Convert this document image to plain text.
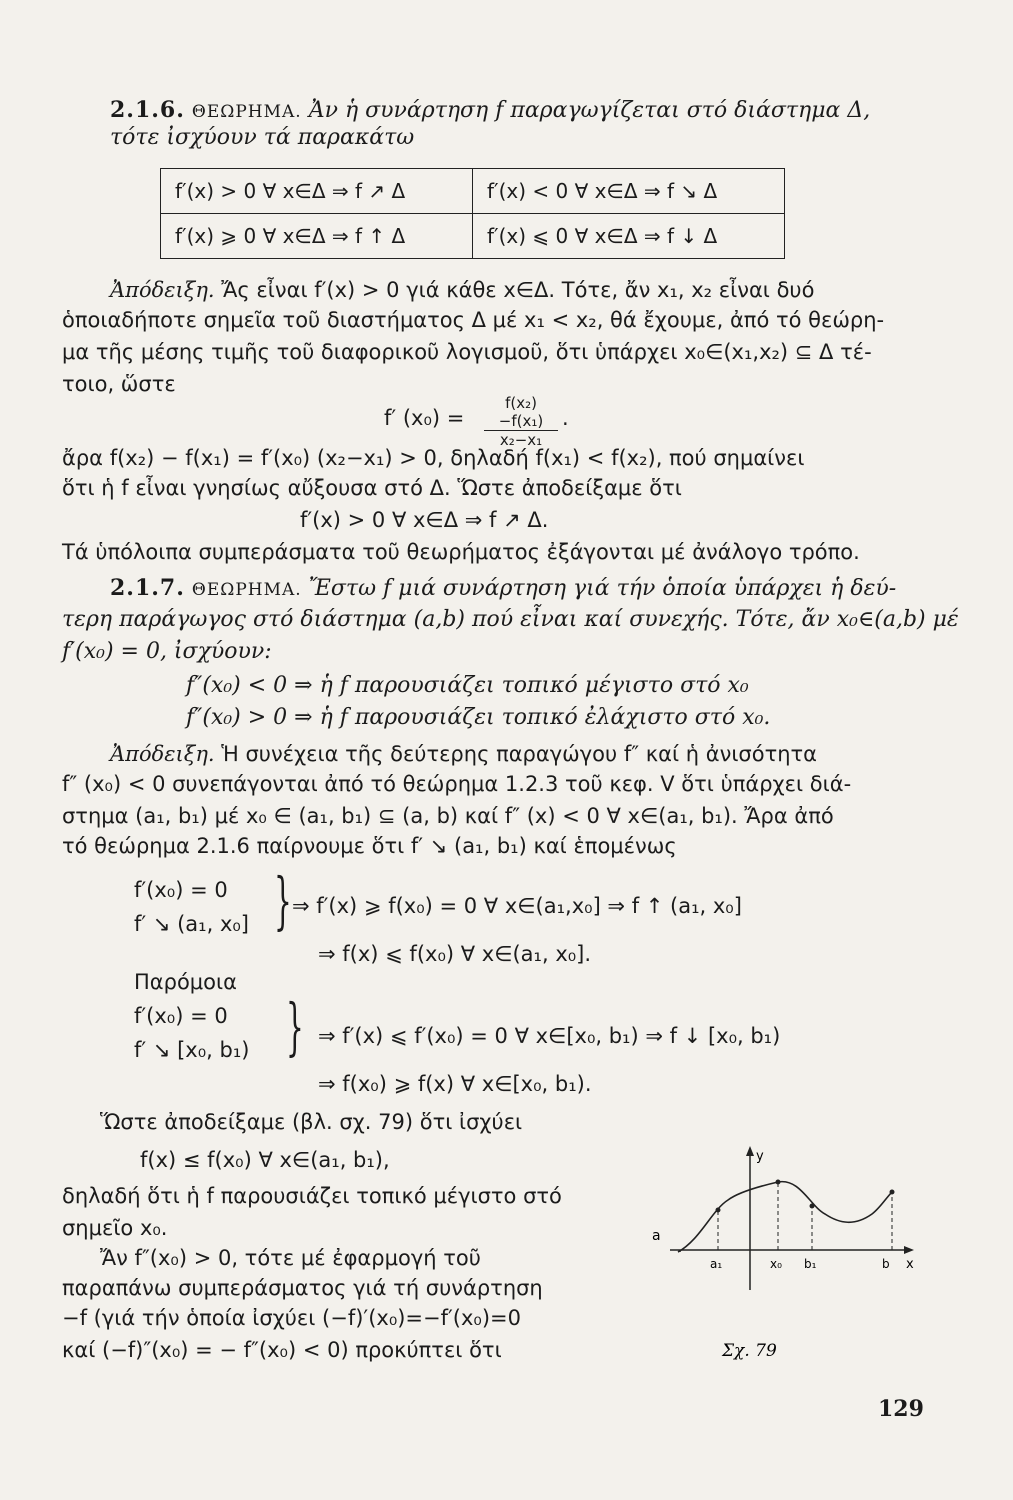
2.1.6. ΘΕΩΡΗΜΑ. Ἀν ἡ συνάρτηση f παραγωγίζεται στό διάστημα Δ,
τότε ἰσχύουν τά παρακάτω
f′(x) > 0 ∀ x∈Δ ⇒ f ↗ Δ	f′(x) < 0 ∀ x∈Δ ⇒ f ↘ Δ
f′(x) ⩾ 0 ∀ x∈Δ ⇒ f ↑ Δ	f′(x) ⩽ 0 ∀ x∈Δ ⇒ f ↓ Δ
Ἀπόδειξη. Ἄς εἶναι f′(x) > 0 γιά κάθε x∈Δ. Τότε, ἄν x₁, x₂ εἶναι δυό
ὁποιαδήποτε σημεῖα τοῦ διαστήματος Δ μέ x₁ < x₂, θά ἔχουμε, ἀπό τό θεώρη-
μα τῆς μέσης τιμῆς τοῦ διαφορικοῦ λογισμοῦ, ὅτι ὑπάρχει x₀∈(x₁,x₂) ⊆ Δ τέ-
τοιο, ὥστε
f′ $(x_0) = \frac{\text{f(x₂)−f(x₁)}}{\text{x₂−x₁}}$ .
ἄρα f(x₂) − f(x₁) = f′(x₀) (x₂−x₁) > 0, δηλαδή f(x₁) < f(x₂), πού σημαίνει
ὅτι ἡ f εἶναι γνησίως αὔξουσα στό Δ. Ὥστε ἀποδείξαμε ὅτι
f′(x) > 0 ∀ x∈Δ ⇒ f ↗ Δ.
Τά ὑπόλοιπα συμπεράσματα τοῦ θεωρήματος ἐξάγονται μέ ἀνάλογο τρόπο.
2.1.7. ΘΕΩΡΗΜΑ. Ἔστω f μιά συνάρτηση γιά τήν ὁποία ὑπάρχει ἡ δεύ-
τερη παράγωγος στό διάστημα (a,b) πού εἶναι καί συνεχής. Τότε, ἄν x₀∈(a,b) μέ
f′(x₀) = 0, ἰσχύουν:
f″(x₀) < 0 ⇒ ἡ f παρουσιάζει τοπικό μέγιστο στό x₀
f″(x₀) > 0 ⇒ ἡ f παρουσιάζει τοπικό ἐλάχιστο στό x₀.
Ἀπόδειξη. Ἡ συνέχεια τῆς δεύτερης παραγώγου f″ καί ἡ ἀνισότητα
f″ (x₀) < 0 συνεπάγονται ἀπό τό θεώρημα 1.2.3 τοῦ κεφ. V ὅτι ὑπάρχει διά-
στημα (a₁, b₁) μέ x₀ ∈ (a₁, b₁) ⊆ (a, b) καί f″ (x) < 0 ∀ x∈(a₁, b₁). Ἄρα ἀπό
τό θεώρημα 2.1.6 παίρνουμε ὅτι f′ ↘ (a₁, b₁) καί ἑπομένως
f′(x₀) = 0
f′ ↘ (a₁, x₀] } ⇒ f′(x) ⩾ f(x₀) = 0 ∀ x∈(a₁,x₀] ⇒ f ↑ (a₁, x₀]
⇒ f(x) ⩽ f(x₀) ∀ x∈(a₁, x₀].
Παρόμοια
f′(x₀) = 0
f′ ↘ [x₀, b₁) } ⇒ f′(x) ⩽ f′(x₀) = 0 ∀ x∈[x₀, b₁) ⇒ f ↓ [x₀, b₁)
⇒ f(x₀) ⩾ f(x) ∀ x∈[x₀, b₁).
Ὥστε ἀποδείξαμε (βλ. σχ. 79) ὅτι ἰσχύει
f(x) ≤ f(x₀) ∀ x∈(a₁, b₁),
δηλαδή ὅτι ἡ f παρουσιάζει τοπικό μέγιστο στό
σημεῖο x₀.
Ἄν f″(x₀) > 0, τότε μέ ἐφαρμογή τοῦ
παραπάνω συμπεράσματος γιά τή συνάρτηση
−f (γιά τήν ὁποία ἰσχύει (−f)′(x₀)=−f′(x₀)=0
καί (−f)″(x₀) = − f″(x₀) < 0) προκύπτει ὅτι
y
x
a
a₁	x₀ b₁	b
Σχ. 79
129
